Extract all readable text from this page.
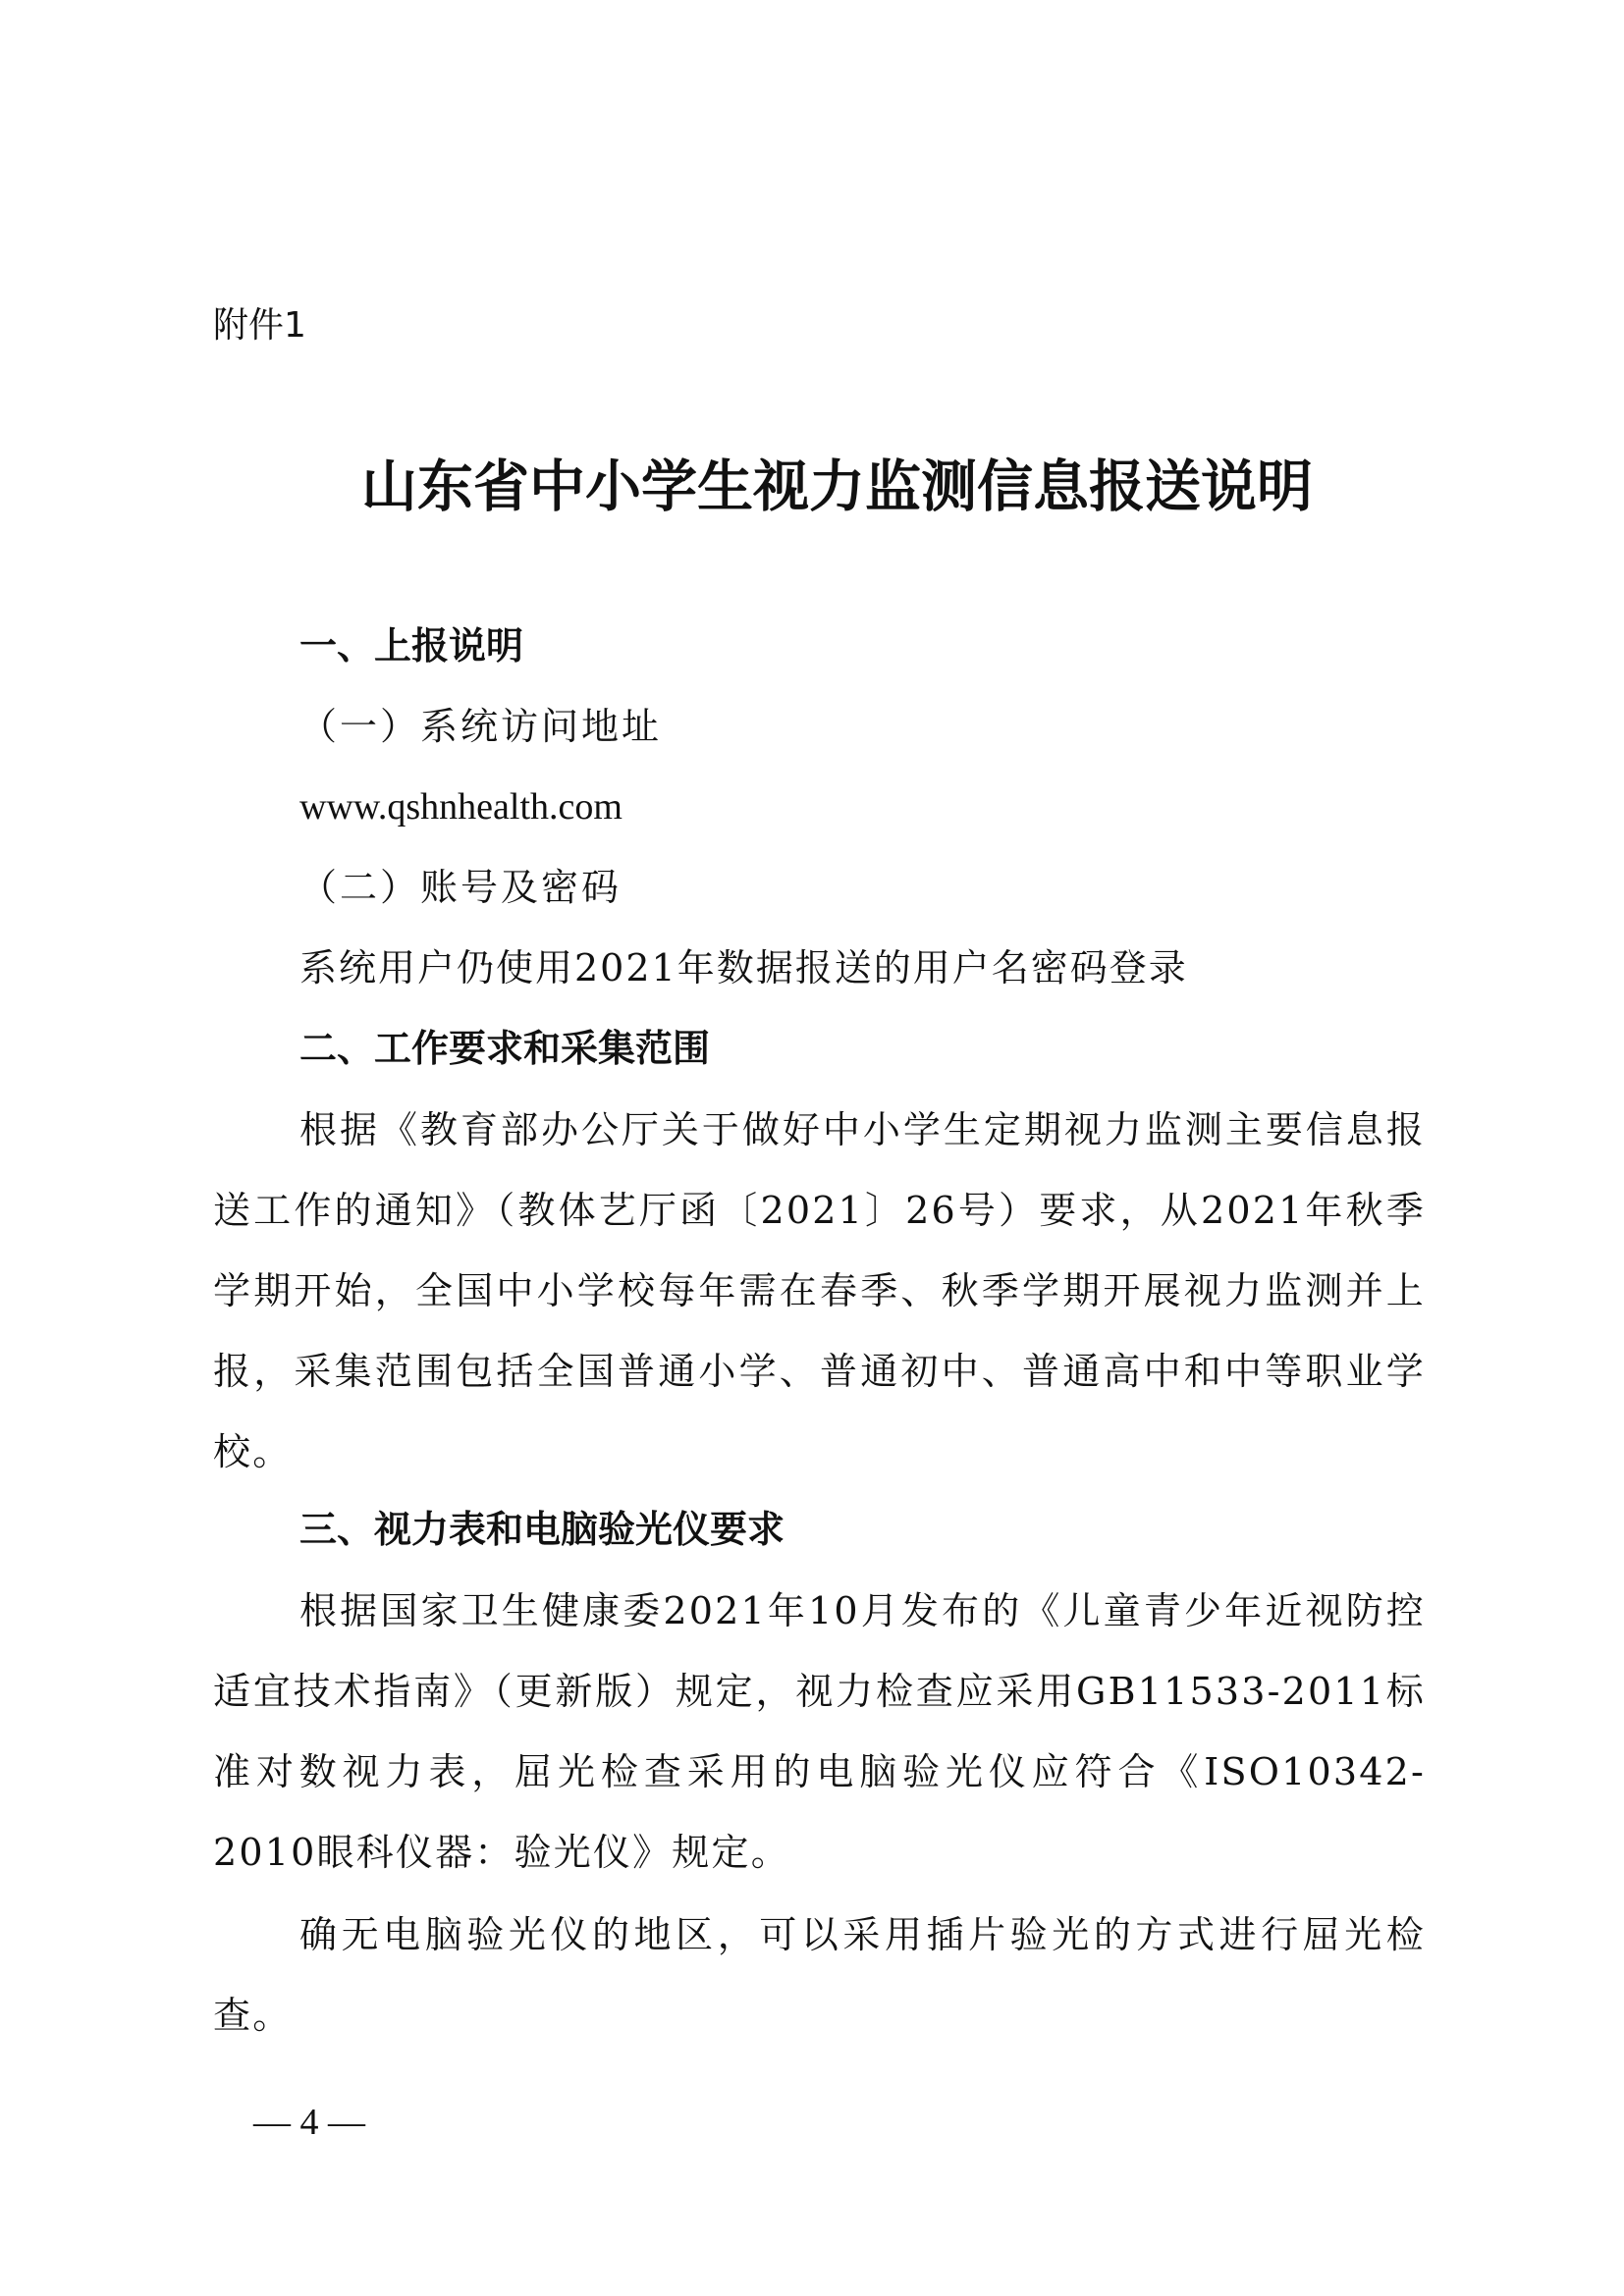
附件1
山东省中小学生视力监测信息报送说明
一、上报说明
（一）系统访问地址
www.qshnhealth.com
（二）账号及密码
系统用户仍使用2021年数据报送的用户名密码登录
二、工作要求和采集范围

根据《教育部办公厅关于做好中小学生定期视力监测主要信息报送工作的通知》（教体艺厅函〔2021〕26号）要求，从2021年秋季学期开始，全国中小学校每年需在春季、秋季学期开展视力监测并上报，采集范围包括全国普通小学、普通初中、普通高中和中等职业学校。

三、视力表和电脑验光仪要求

根据国家卫生健康委2021年10月发布的《儿童青少年近视防控适宜技术指南》（更新版）规定，视力检查应采用GB11533-2011标准对数视力表，屈光检查采用的电脑验光仪应符合《ISO10342-2010眼科仪器：验光仪》规定。

确无电脑验光仪的地区，可以采用插片验光的方式进行屈光检查。

— 4 —
